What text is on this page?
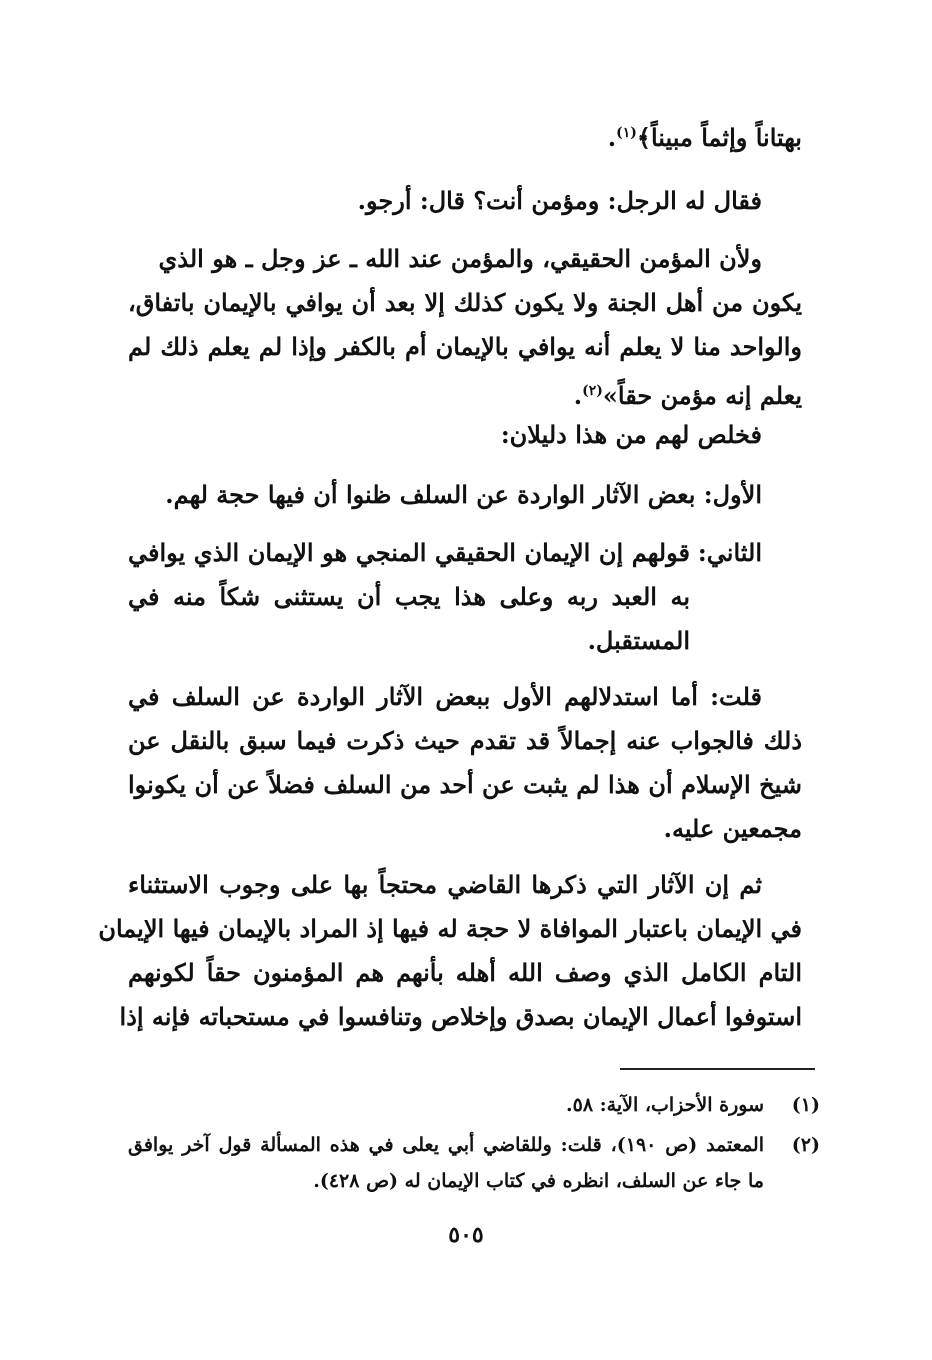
بهتاناً وإثماً مبيناً﴾$^{(١)}$.
فقال له الرجل: ومؤمن أنت؟ قال: أرجو.
ولأن المؤمن الحقيقي، والمؤمن عند الله ـ عز وجل ـ هو الذي
يكون من أهل الجنة ولا يكون كذلك إلا بعد أن يوافي بالإيمان باتفاق،
والواحد منا لا يعلم أنه يوافي بالإيمان أم بالكفر وإذا لم يعلم ذلك لم
يعلم إنه مؤمن حقاً»$^{(٢)}$.
فخلص لهم من هذا دليلان:
الأول: بعض الآثار الواردة عن السلف ظنوا أن فيها حجة لهم.
الثاني:
قولهم إن الإيمان الحقيقي المنجي هو الإيمان الذي يوافي
به العبد ربه وعلى هذا يجب أن يستثنى شكاً منه في
المستقبل.
قلت: أما استدلالهم الأول ببعض الآثار الواردة عن السلف في
ذلك فالجواب عنه إجمالاً قد تقدم حيث ذكرت فيما سبق بالنقل عن
شيخ الإسلام أن هذا لم يثبت عن أحد من السلف فضلاً عن أن يكونوا
مجمعين عليه.
ثم إن الآثار التي ذكرها القاضي محتجاً بها على وجوب الاستثناء
في الإيمان باعتبار الموافاة لا حجة له فيها إذ المراد بالإيمان فيها الإيمان
التام الكامل الذي وصف الله أهله بأنهم هم المؤمنون حقاً لكونهم
استوفوا أعمال الإيمان بصدق وإخلاص وتنافسوا في مستحباته فإنه إذا
(١)
سورة الأحزاب، الآية: ٥٨.
(٢)
المعتمد (ص ١٩٠)، قلت: وللقاضي أبي يعلى في هذه المسألة قول آخر يوافق
ما جاء عن السلف، انظره في كتاب الإيمان له (ص ٤٢٨).
٥٠٥
